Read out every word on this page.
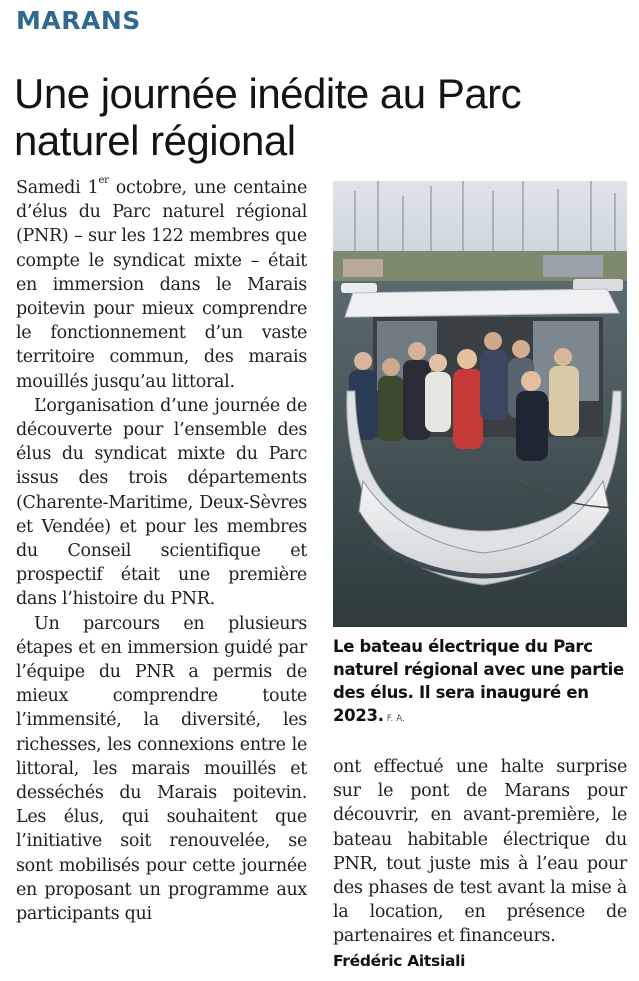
MARANS
Une journée inédite au Parc naturel régional

Samedi 1er octobre, une centaine d’élus du Parc naturel régional (PNR) – sur les 122 membres que compte le syndicat mixte – était en immersion dans le Marais poitevin pour mieux comprendre le fonctionnement d’un vaste territoire commun, des marais mouillés jusqu’au littoral.

L’organisation d’une journée de découverte pour l’ensemble des élus du syndicat mixte du Parc issus des trois départements (Charente-Maritime, Deux-Sèvres et Vendée) et pour les membres du Conseil scientifique et prospectif était une première dans l’histoire du PNR.

Un parcours en plusieurs étapes et en immersion guidé par l’équipe du PNR a permis de mieux comprendre toute l’immensité, la diversité, les richesses, les connexions entre le littoral, les marais mouillés et desséchés du Marais poitevin. Les élus, qui souhaitent que l’initiative soit renouvelée, se sont mobilisés pour cette journée en proposant un programme aux participants qui

Le bateau électrique du Parc naturel régional avec une partie des élus. Il sera inauguré en 2023. F. A.

ont effectué une halte surprise sur le pont de Marans pour découvrir, en avant-première, le bateau habitable électrique du PNR, tout juste mis à l’eau pour des phases de test avant la mise à la location, en présence de partenaires et financeurs.

Frédéric Aitsiali
